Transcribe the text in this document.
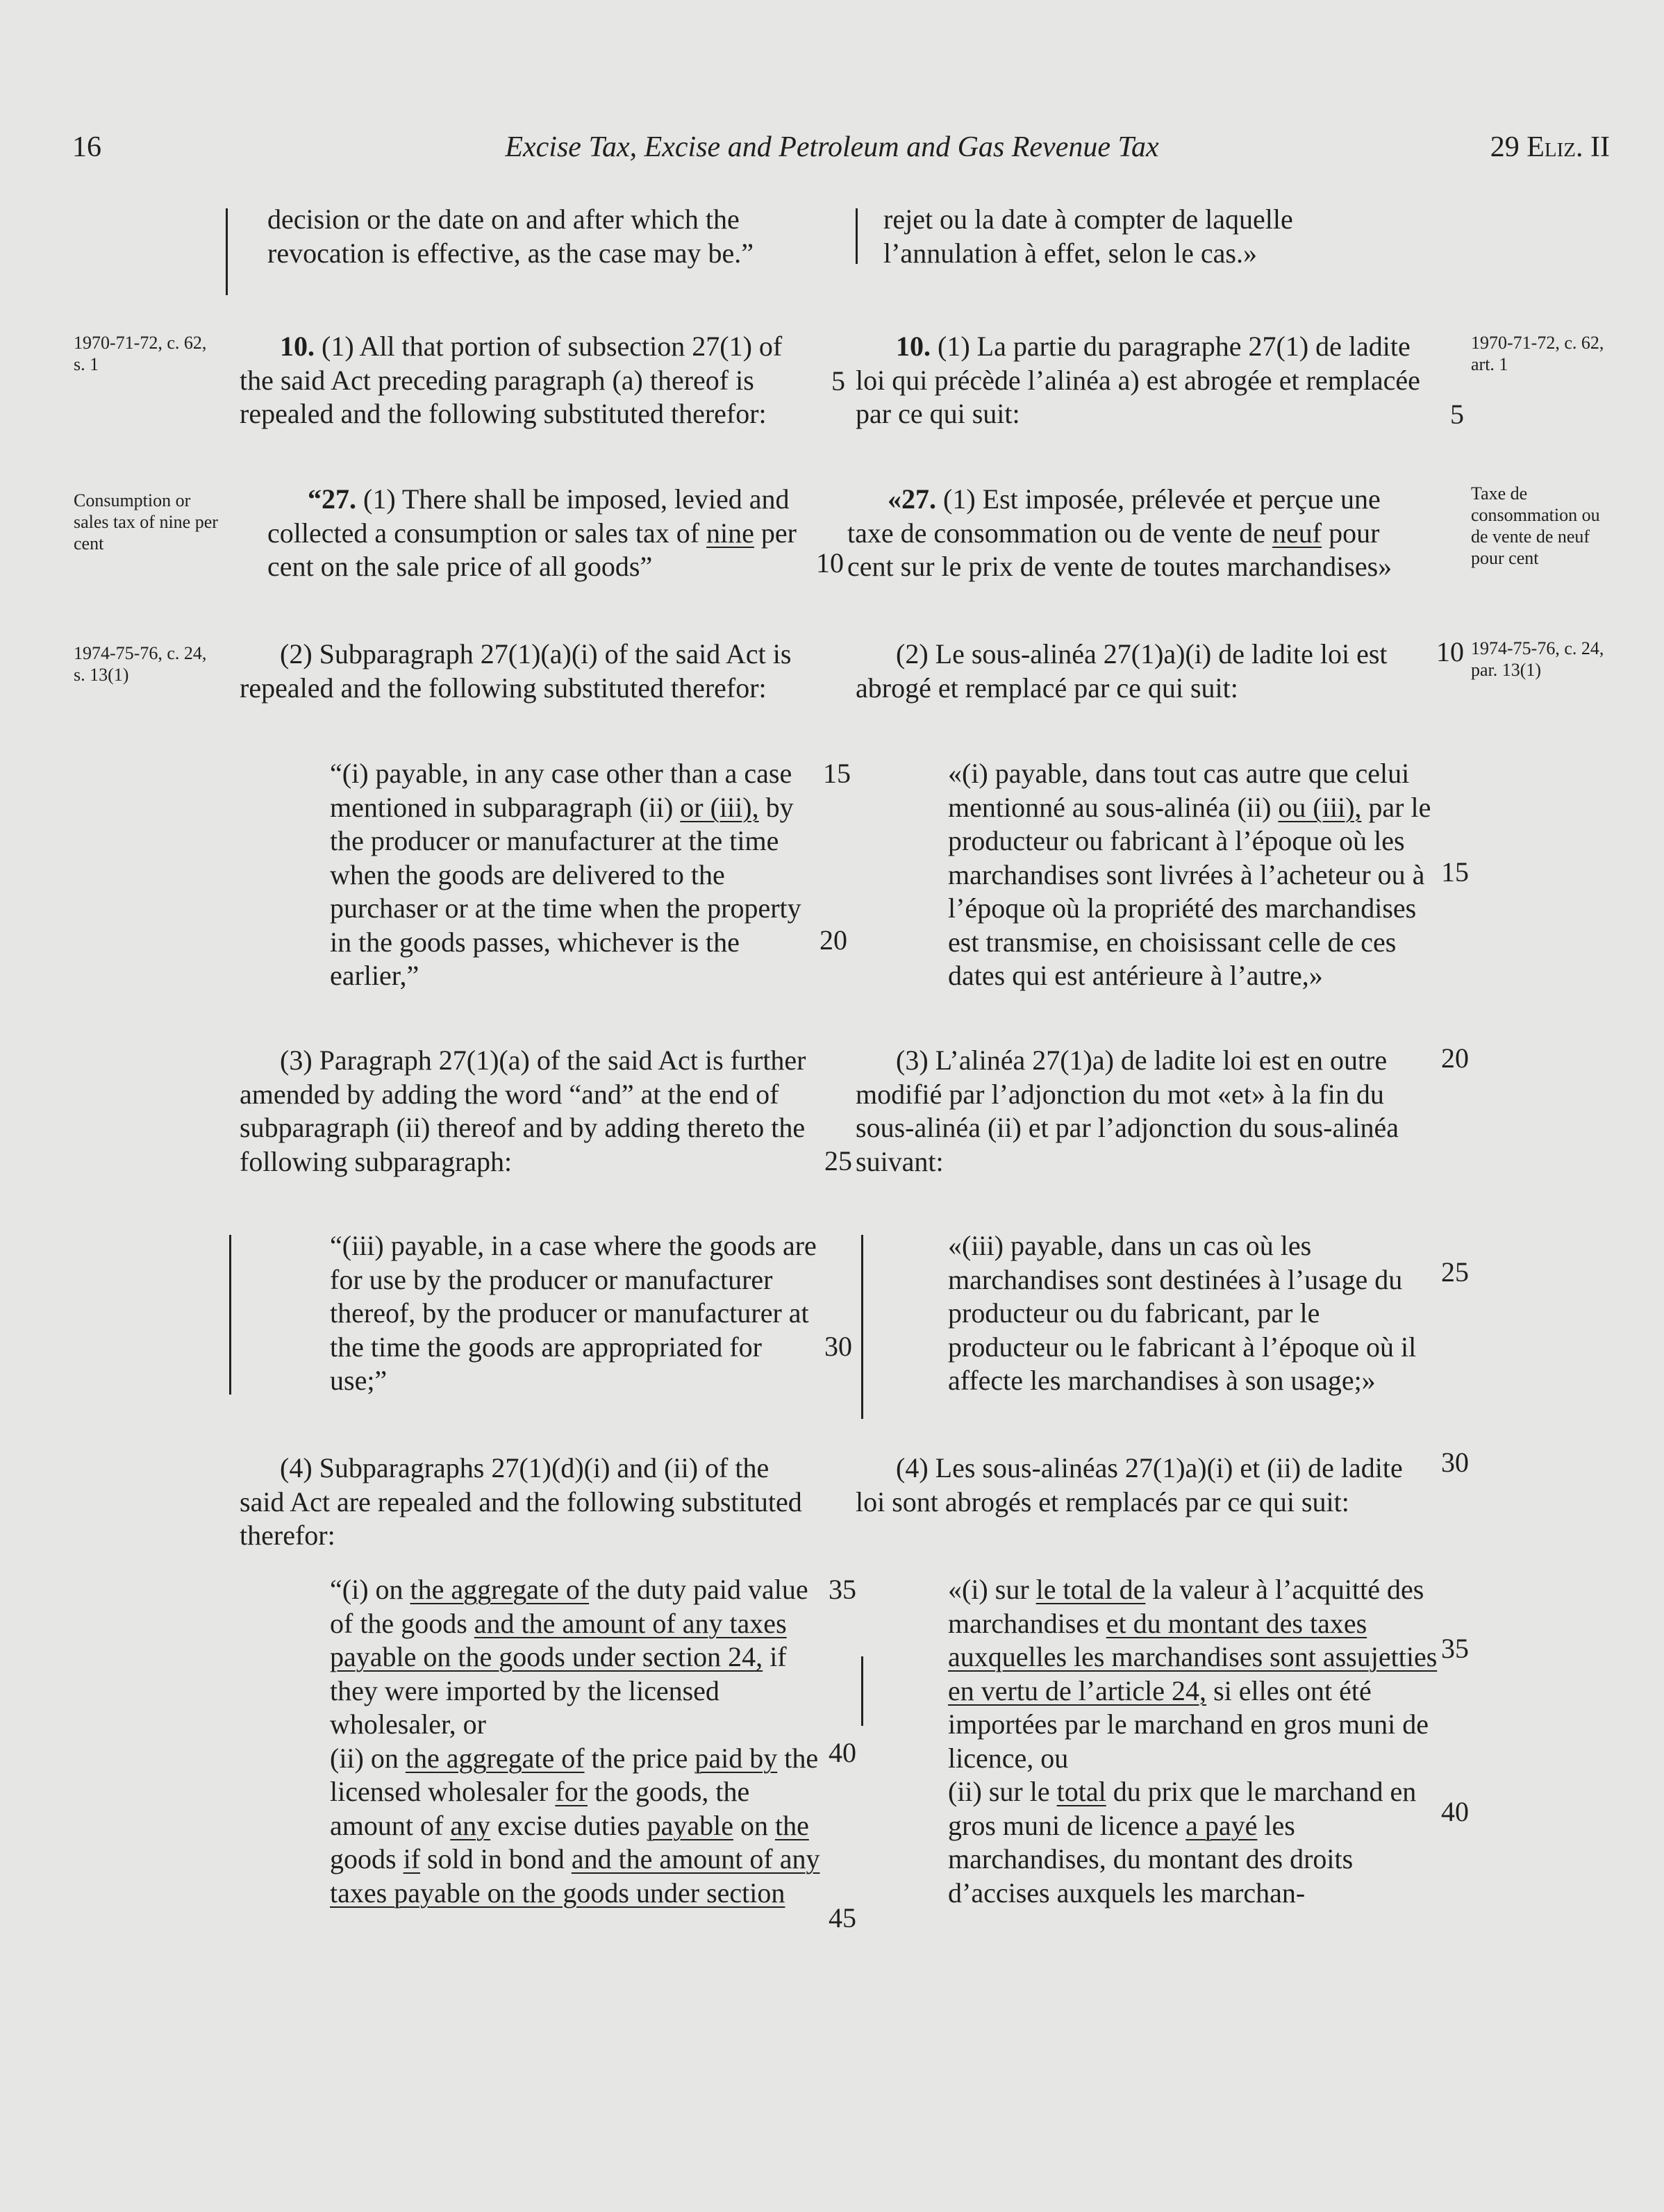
16	Excise Tax, Excise and Petroleum and Gas Revenue Tax	29 Eliz. II
1970-71-72, c. 62, s. 1
1970-71-72, c. 62, art. 1
Consumption or sales tax of nine per cent
Taxe de consommation ou de vente de neuf pour cent
1974-75-76, c. 24, s. 13(1)
1974-75-76, c. 24, par. 13(1)
5
5
10
10
15
15
20
20
25
25
30
30
35
35
40
40
45
decision or the date on and after which the revocation is effective, as the case may be.”
10. (1) All that portion of subsection 27(1) of the said Act preceding paragraph (a) thereof is repealed and the following substituted therefor:
“27. (1) There shall be imposed, levied and collected a consumption or sales tax of nine per cent on the sale price of all goods”
(2) Subparagraph 27(1)(a)(i) of the said Act is repealed and the following substituted therefor:
“(i) payable, in any case other than a case mentioned in subparagraph (ii) or (iii), by the producer or manufacturer at the time when the goods are delivered to the purchaser or at the time when the property in the goods passes, whichever is the earlier,”
(3) Paragraph 27(1)(a) of the said Act is further amended by adding the word “and” at the end of subparagraph (ii) thereof and by adding thereto the following subparagraph:
“(iii) payable, in a case where the goods are for use by the producer or manufacturer thereof, by the producer or manufacturer at the time the goods are appropriated for use;”
(4) Subparagraphs 27(1)(d)(i) and (ii) of the said Act are repealed and the following substituted therefor:
“(i) on the aggregate of the duty paid value of the goods and the amount of any taxes payable on the goods under section 24, if they were imported by the licensed wholesaler, or
(ii) on the aggregate of the price paid by the licensed wholesaler for the goods, the amount of any excise duties payable on the goods if sold in bond and the amount of any taxes payable on the goods under section
rejet ou la date à compter de laquelle l’annulation à effet, selon le cas.»
10. (1) La partie du paragraphe 27(1) de ladite loi qui précède l’alinéa a) est abrogée et remplacée par ce qui suit:
«27. (1) Est imposée, prélevée et perçue une taxe de consommation ou de vente de neuf pour cent sur le prix de vente de toutes marchandises»
(2) Le sous-alinéa 27(1)a)(i) de ladite loi est abrogé et remplacé par ce qui suit:
«(i) payable, dans tout cas autre que celui mentionné au sous-alinéa (ii) ou (iii), par le producteur ou fabricant à l’époque où les marchandises sont livrées à l’acheteur ou à l’époque où la propriété des marchandises est transmise, en choisissant celle de ces dates qui est antérieure à l’autre,»
(3) L’alinéa 27(1)a) de ladite loi est en outre modifié par l’adjonction du mot «et» à la fin du sous-alinéa (ii) et par l’adjonction du sous-alinéa suivant:
«(iii) payable, dans un cas où les marchandises sont destinées à l’usage du producteur ou du fabricant, par le producteur ou le fabricant à l’époque où il affecte les marchandises à son usage;»
(4) Les sous-alinéas 27(1)a)(i) et (ii) de ladite loi sont abrogés et remplacés par ce qui suit:
«(i) sur le total de la valeur à l’acquitté des marchandises et du montant des taxes auxquelles les marchandises sont assujetties en vertu de l’article 24, si elles ont été importées par le marchand en gros muni de licence, ou
(ii) sur le total du prix que le marchand en gros muni de licence a payé les marchandises, du montant des droits d’accises auxquels les marchan-
